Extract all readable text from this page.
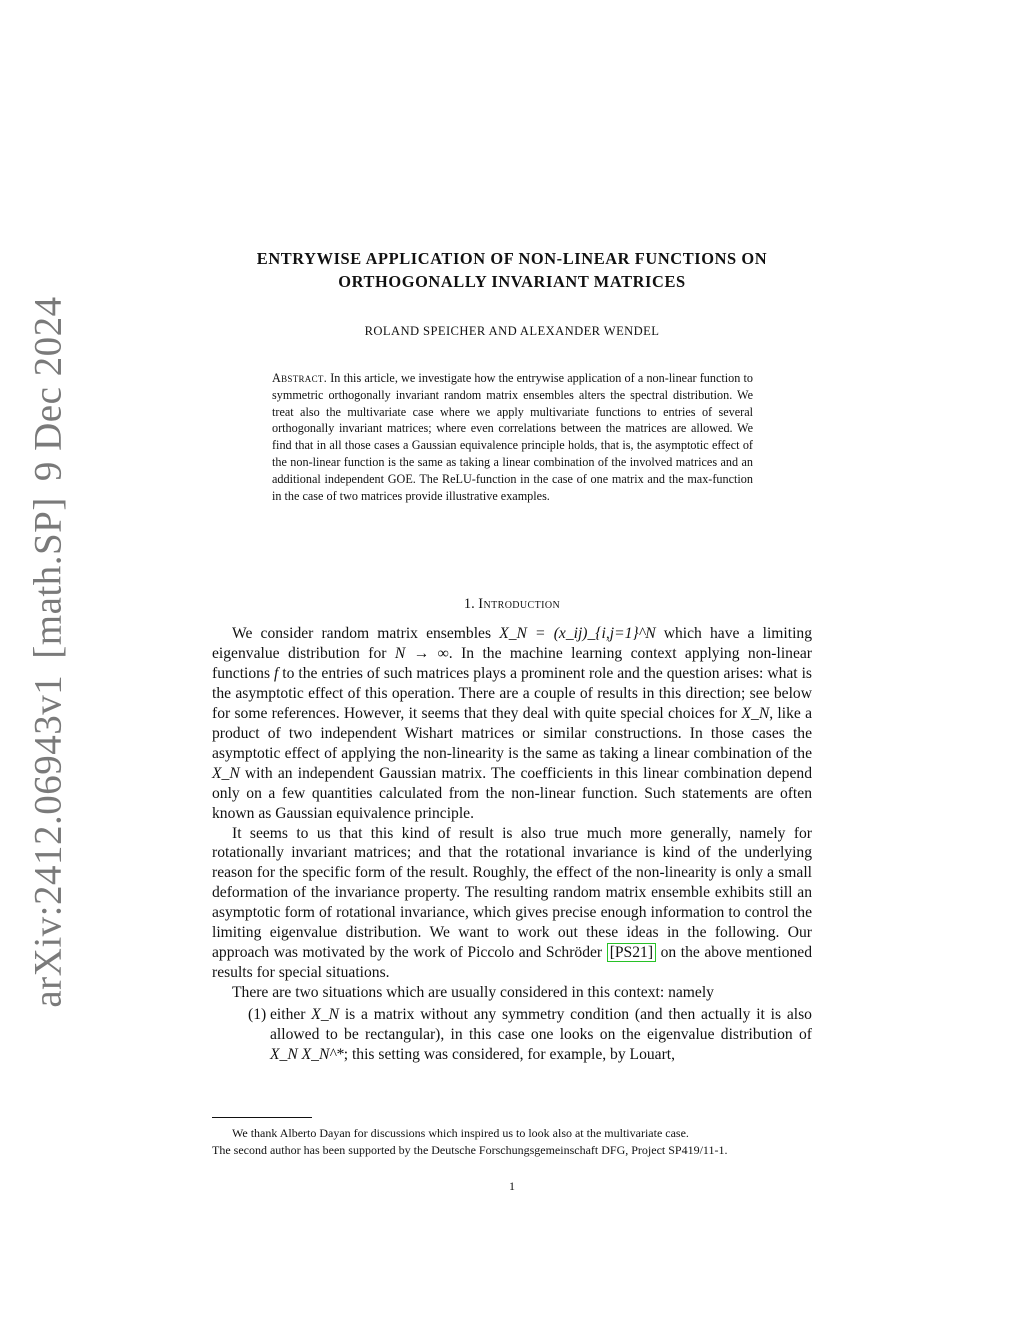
arXiv:2412.06943v1[math.SP]9 Dec 2024
ENTRYWISE APPLICATION OF NON-LINEAR FUNCTIONS ON
ORTHOGONALLY INVARIANT MATRICES
ROLAND SPEICHER AND ALEXANDER WENDEL
Abstract. In this article, we investigate how the entrywise application of a non-linear function to symmetric orthogonally invariant random matrix ensembles alters the spectral distribution. We treat also the multivariate case where we apply multivariate functions to entries of several orthogonally invariant matrices; where even correlations between the matrices are allowed. We find that in all those cases a Gaussian equivalence principle holds, that is, the asymptotic effect of the non-linear function is the same as taking a linear combination of the involved matrices and an additional independent GOE. The ReLU-function in the case of one matrix and the max-function in the case of two matrices provide illustrative examples.
1. Introduction

We consider random matrix ensembles X_N = (x_ij)_{i,j=1}^N which have a limiting eigenvalue distribution for N → ∞. In the machine learning context applying non-linear functions f to the entries of such matrices plays a prominent role and the question arises: what is the asymptotic effect of this operation. There are a couple of results in this direction; see below for some references. However, it seems that they deal with quite special choices for X_N, like a product of two independent Wishart matrices or similar constructions. In those cases the asymptotic effect of applying the non-linearity is the same as taking a linear combination of the X_N with an independent Gaussian matrix. The coefficients in this linear combination depend only on a few quantities calculated from the non-linear function. Such statements are often known as Gaussian equivalence principle.

It seems to us that this kind of result is also true much more generally, namely for rotationally invariant matrices; and that the rotational invariance is kind of the underlying reason for the specific form of the result. Roughly, the effect of the non-linearity is only a small deformation of the invariance property. The resulting random matrix ensemble exhibits still an asymptotic form of rotational invariance, which gives precise enough information to control the limiting eigenvalue distribution. We want to work out these ideas in the following. Our approach was motivated by the work of Piccolo and Schröder [PS21] on the above mentioned results for special situations.

There are two situations which are usually considered in this context: namely

(1) either X_N is a matrix without any symmetry condition (and then actually it is also allowed to be rectangular), in this case one looks on the eigenvalue distribution of X_N X_N^*; this setting was considered, for example, by Louart,

We thank Alberto Dayan for discussions which inspired us to look also at the multivariate case.

The second author has been supported by the Deutsche Forschungsgemeinschaft DFG, Project SP419/11-1.

1
